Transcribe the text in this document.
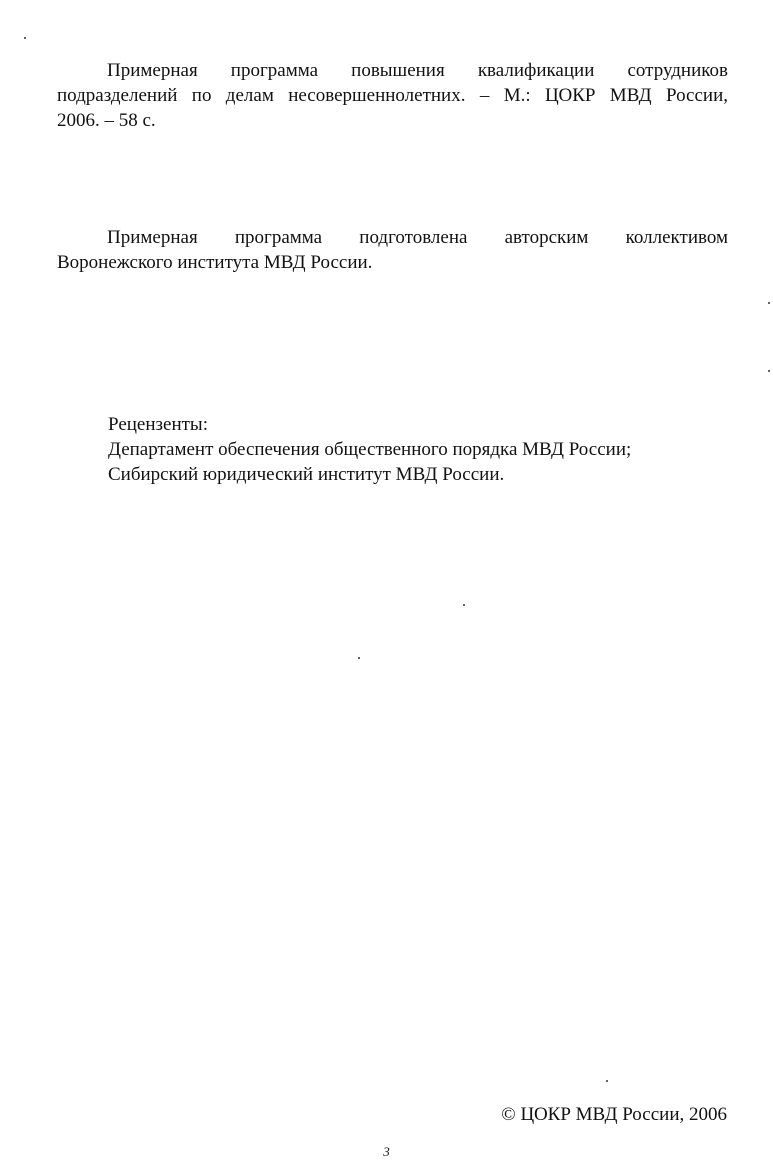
Примерная программа повышения квалификации сотрудников
подразделений по делам несовершеннолетних. – М.: ЦОКР МВД России,
2006. – 58 с.
Примерная программа подготовлена авторским коллективом
Воронежского института МВД России.
Рецензенты:
Департамент обеспечения общественного порядка МВД России;
Сибирский юридический институт МВД России.
© ЦОКР МВД России, 2006
3
